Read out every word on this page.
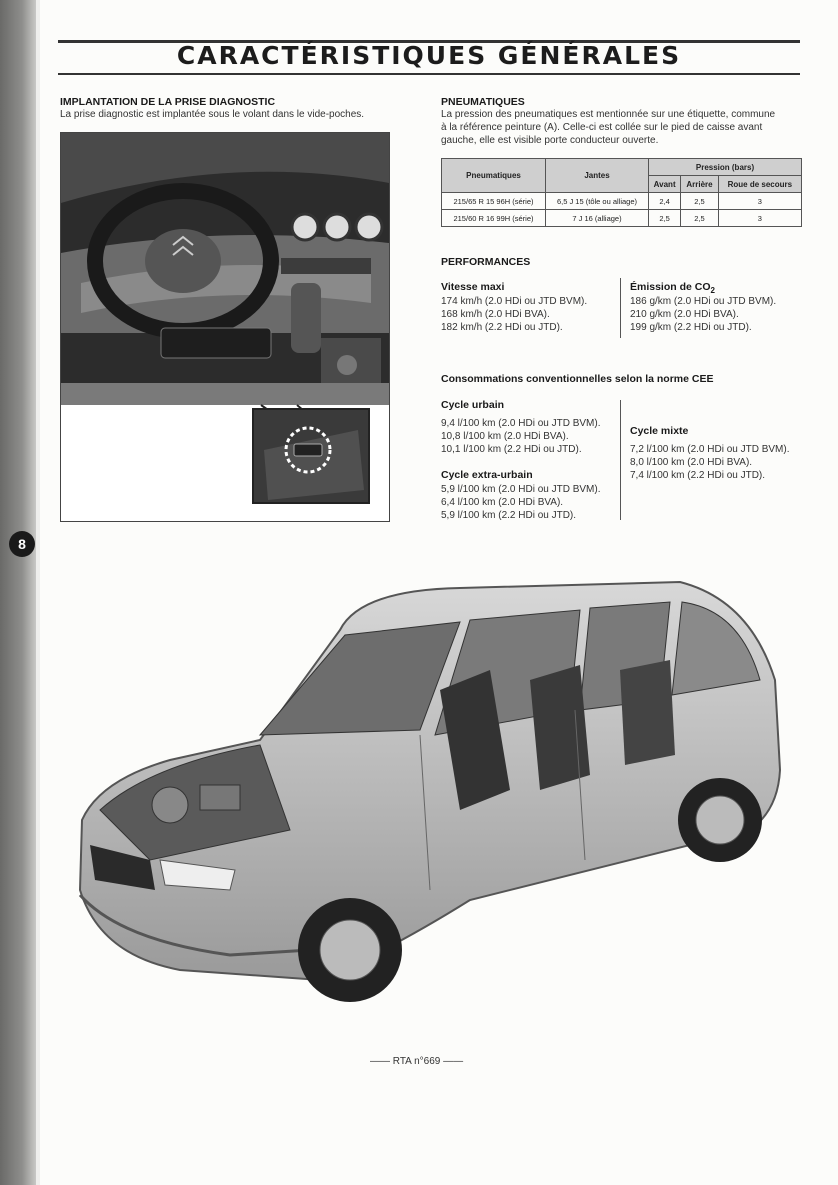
CARACTÉRISTIQUES GÉNÉRALES
IMPLANTATION DE LA PRISE DIAGNOSTIC
La prise diagnostic est implantée sous le volant dans le vide-poches.
PNEUMATIQUES
La pression des pneumatiques est mentionnée sur une étiquette, commune
à la référence peinture (A). Celle-ci est collée sur le pied de caisse avant
gauche, elle est visible porte conducteur ouverte.
Pneumatiques	Jantes	Pression (bars)		
		Avant	Arrière	Roue de secours
215/65 R 15 96H (série)	6,5 J 15 (tôle ou alliage)	2,4	2,5	3
215/60 R 16 99H (série)	7 J 16 (alliage)	2,5	2,5	3
PERFORMANCES
Vitesse maxi
174 km/h (2.0 HDi ou JTD BVM).
168 km/h (2.0 HDi BVA).
182 km/h (2.2 HDi ou JTD).
Émission de $CO_2$
186 g/km (2.0 HDi ou JTD BVM).
210 g/km (2.0 HDi BVA).
199 g/km (2.2 HDi ou JTD).
Consommations conventionnelles selon la norme CEE
Cycle urbain
9,4 l/100 km (2.0 HDi ou JTD BVM).
10,8 l/100 km (2.0 HDi BVA).
10,1 l/100 km (2.2 HDi ou JTD).
Cycle extra-urbain
5,9 l/100 km (2.0 HDi ou JTD BVM).
6,4 l/100 km (2.0 HDi BVA).
5,9 l/100 km (2.2 HDi ou JTD).
Cycle mixte
7,2 l/100 km (2.0 HDi ou JTD BVM).
8,0 l/100 km (2.0 HDi BVA).
7,4 l/100 km (2.2 HDi ou JTD).
8
—— RTA n°669 ——
